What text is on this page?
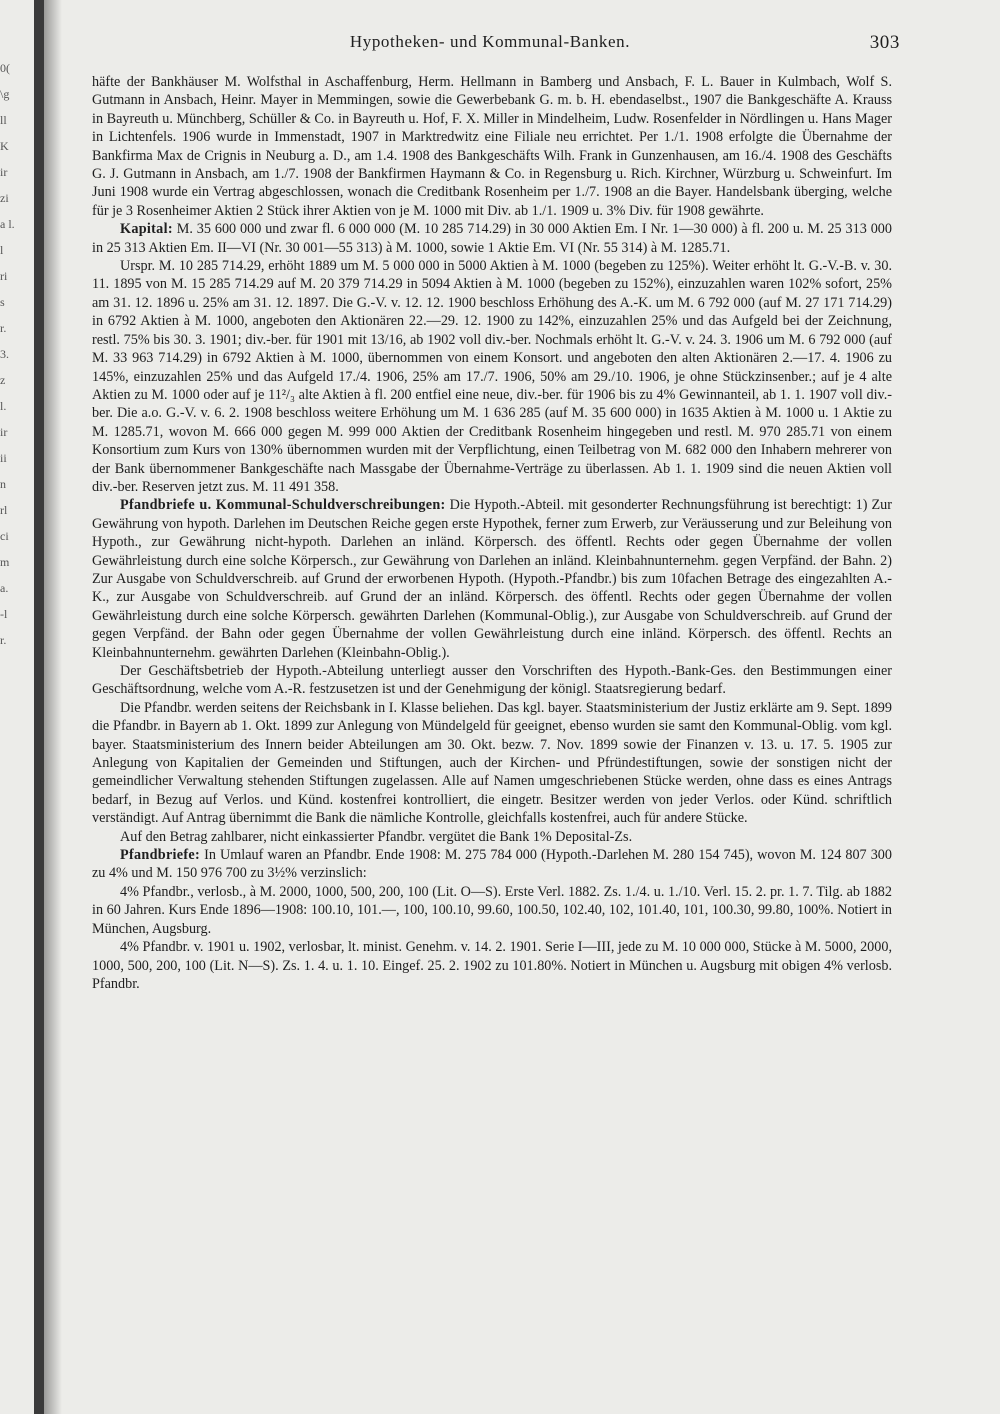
0(
\g
ll
K
ir
zi
a l.
l
ri
s
r.
3.
z
l.
ir
ii
n
rl
ci
m
a.
-l
r.
Hypotheken- und Kommunal-Banken.	303

häfte der Bankhäuser M. Wolfsthal in Aschaffenburg, Herm. Hellmann in Bamberg und Ansbach, F. L. Bauer in Kulmbach, Wolf S. Gutmann in Ansbach, Heinr. Mayer in Memmingen, sowie die Gewerbebank G. m. b. H. ebendaselbst., 1907 die Bankgeschäfte A. Krauss in Bayreuth u. Münchberg, Schüller & Co. in Bayreuth u. Hof, F. X. Miller in Mindelheim, Ludw. Rosenfelder in Nördlingen u. Hans Mager in Lichtenfels. 1906 wurde in Immenstadt, 1907 in Marktredwitz eine Filiale neu errichtet. Per 1./1. 1908 erfolgte die Übernahme der Bankfirma Max de Crignis in Neuburg a. D., am 1.4. 1908 des Bankgeschäfts Wilh. Frank in Gunzenhausen, am 16./4. 1908 des Geschäfts G. J. Gutmann in Ansbach, am 1./7. 1908 der Bankfirmen Haymann & Co. in Regensburg u. Rich. Kirchner, Würzburg u. Schweinfurt. Im Juni 1908 wurde ein Vertrag abgeschlossen, wonach die Creditbank Rosenheim per 1./7. 1908 an die Bayer. Handelsbank überging, welche für je 3 Rosenheimer Aktien 2 Stück ihrer Aktien von je M. 1000 mit Div. ab 1./1. 1909 u. 3% Div. für 1908 gewährte.

Kapital: M. 35 600 000 und zwar fl. 6 000 000 (M. 10 285 714.29) in 30 000 Aktien Em. I Nr. 1—30 000) à fl. 200 u. M. 25 313 000 in 25 313 Aktien Em. II—VI (Nr. 30 001—55 313) à M. 1000, sowie 1 Aktie Em. VI (Nr. 55 314) à M. 1285.71.

Urspr. M. 10 285 714.29, erhöht 1889 um M. 5 000 000 in 5000 Aktien à M. 1000 (begeben zu 125%). Weiter erhöht lt. G.-V.-B. v. 30. 11. 1895 von M. 15 285 714.29 auf M. 20 379 714.29 in 5094 Aktien à M. 1000 (begeben zu 152%), einzuzahlen waren 102% sofort, 25% am 31. 12. 1896 u. 25% am 31. 12. 1897. Die G.-V. v. 12. 12. 1900 beschloss Erhöhung des A.-K. um M. 6 792 000 (auf M. 27 171 714.29) in 6792 Aktien à M. 1000, angeboten den Aktionären 22.—29. 12. 1900 zu 142%, einzuzahlen 25% und das Aufgeld bei der Zeichnung, restl. 75% bis 30. 3. 1901; div.-ber. für 1901 mit 13/16, ab 1902 voll div.-ber. Nochmals erhöht lt. G.-V. v. 24. 3. 1906 um M. 6 792 000 (auf M. 33 963 714.29) in 6792 Aktien à M. 1000, übernommen von einem Konsort. und angeboten den alten Aktionären 2.—17. 4. 1906 zu 145%, einzuzahlen 25% und das Aufgeld 17./4. 1906, 25% am 17./7. 1906, 50% am 29./10. 1906, je ohne Stückzinsenber.; auf je 4 alte Aktien zu M. 1000 oder auf je 11²/₃ alte Aktien à fl. 200 entfiel eine neue, div.-ber. für 1906 bis zu 4% Gewinnanteil, ab 1. 1. 1907 voll div.-ber. Die a.o. G.-V. v. 6. 2. 1908 beschloss weitere Erhöhung um M. 1 636 285 (auf M. 35 600 000) in 1635 Aktien à M. 1000 u. 1 Aktie zu M. 1285.71, wovon M. 666 000 gegen M. 999 000 Aktien der Creditbank Rosenheim hingegeben und restl. M. 970 285.71 von einem Konsortium zum Kurs von 130% übernommen wurden mit der Verpflichtung, einen Teilbetrag von M. 682 000 den Inhabern mehrerer von der Bank übernommener Bankgeschäfte nach Massgabe der Übernahme-Verträge zu überlassen. Ab 1. 1. 1909 sind die neuen Aktien voll div.-ber. Reserven jetzt zus. M. 11 491 358.

Pfandbriefe u. Kommunal-Schuldverschreibungen: Die Hypoth.-Abteil. mit gesonderter Rechnungsführung ist berechtigt: 1) Zur Gewährung von hypoth. Darlehen im Deutschen Reiche gegen erste Hypothek, ferner zum Erwerb, zur Veräusserung und zur Beleihung von Hypoth., zur Gewährung nicht-hypoth. Darlehen an inländ. Körpersch. des öffentl. Rechts oder gegen Übernahme der vollen Gewährleistung durch eine solche Körpersch., zur Gewährung von Darlehen an inländ. Kleinbahnunternehm. gegen Verpfänd. der Bahn. 2) Zur Ausgabe von Schuldverschreib. auf Grund der erworbenen Hypoth. (Hypoth.-Pfandbr.) bis zum 10fachen Betrage des eingezahlten A.-K., zur Ausgabe von Schuldverschreib. auf Grund der an inländ. Körpersch. des öffentl. Rechts oder gegen Übernahme der vollen Gewährleistung durch eine solche Körpersch. gewährten Darlehen (Kommunal-Oblig.), zur Ausgabe von Schuldverschreib. auf Grund der gegen Verpfänd. der Bahn oder gegen Übernahme der vollen Gewährleistung durch eine inländ. Körpersch. des öffentl. Rechts an Kleinbahnunternehm. gewährten Darlehen (Kleinbahn-Oblig.).

Der Geschäftsbetrieb der Hypoth.-Abteilung unterliegt ausser den Vorschriften des Hypoth.-Bank-Ges. den Bestimmungen einer Geschäftsordnung, welche vom A.-R. festzusetzen ist und der Genehmigung der königl. Staatsregierung bedarf.

Die Pfandbr. werden seitens der Reichsbank in I. Klasse beliehen. Das kgl. bayer. Staatsministerium der Justiz erklärte am 9. Sept. 1899 die Pfandbr. in Bayern ab 1. Okt. 1899 zur Anlegung von Mündelgeld für geeignet, ebenso wurden sie samt den Kommunal-Oblig. vom kgl. bayer. Staatsministerium des Innern beider Abteilungen am 30. Okt. bezw. 7. Nov. 1899 sowie der Finanzen v. 13. u. 17. 5. 1905 zur Anlegung von Kapitalien der Gemeinden und Stiftungen, auch der Kirchen- und Pfründestiftungen, sowie der sonstigen nicht der gemeindlicher Verwaltung stehenden Stiftungen zugelassen. Alle auf Namen umgeschriebenen Stücke werden, ohne dass es eines Antrags bedarf, in Bezug auf Verlos. und Künd. kostenfrei kontrolliert, die eingetr. Besitzer werden von jeder Verlos. oder Künd. schriftlich verständigt. Auf Antrag übernimmt die Bank die nämliche Kontrolle, gleichfalls kostenfrei, auch für andere Stücke.

Auf den Betrag zahlbarer, nicht einkassierter Pfandbr. vergütet die Bank 1% Deposital-Zs.

Pfandbriefe: In Umlauf waren an Pfandbr. Ende 1908: M. 275 784 000 (Hypoth.-Darlehen M. 280 154 745), wovon M. 124 807 300 zu 4% und M. 150 976 700 zu 3½% verzinslich:

4% Pfandbr., verlosb., à M. 2000, 1000, 500, 200, 100 (Lit. O—S). Erste Verl. 1882. Zs. 1./4. u. 1./10. Verl. 15. 2. pr. 1. 7. Tilg. ab 1882 in 60 Jahren. Kurs Ende 1896—1908: 100.10, 101.—, 100, 100.10, 99.60, 100.50, 102.40, 102, 101.40, 101, 100.30, 99.80, 100%. Notiert in München, Augsburg.

4% Pfandbr. v. 1901 u. 1902, verlosbar, lt. minist. Genehm. v. 14. 2. 1901. Serie I—III, jede zu M. 10 000 000, Stücke à M. 5000, 2000, 1000, 500, 200, 100 (Lit. N—S). Zs. 1. 4. u. 1. 10. Eingef. 25. 2. 1902 zu 101.80%. Notiert in München u. Augsburg mit obigen 4% verlosb. Pfandbr.
